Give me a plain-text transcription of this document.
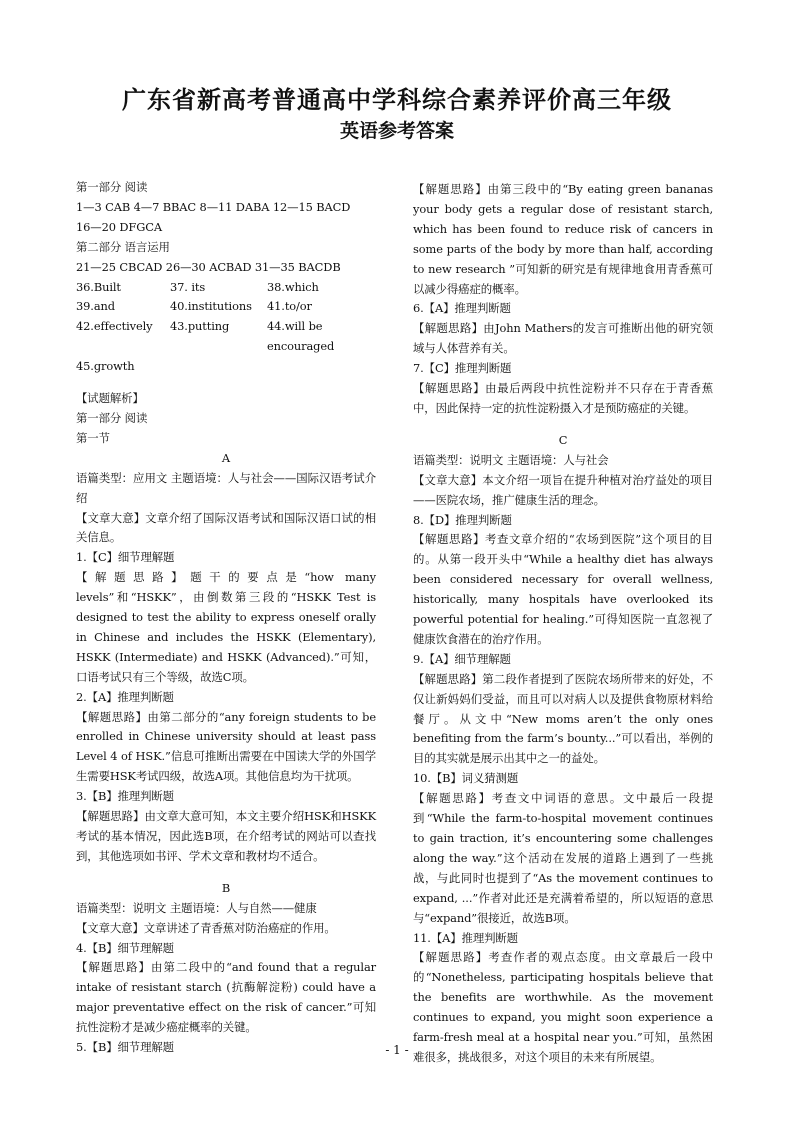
广东省新高考普通高中学科综合素养评价高三年级
英语参考答案
第一部分 阅读
1—3 CAB 4—7 BBAC 8—11 DABA 12—15 BACD
16—20 DFGCA
第二部分 语言运用
21—25 CBCAD 26—30 ACBAD 31—35 BACDB
36.Built	37. its	38.which
39.and	40.institutions	41.to/or
42.effectively	43.putting	44.will be encouraged
45.growth
【试题解析】
第一部分 阅读
第一节
A
语篇类型：应用文 主题语境：人与社会——国际汉语考试介绍
【文章大意】文章介绍了国际汉语考试和国际汉语口试的相关信息。
1.【C】细节理解题
【解题思路】题干的要点是“how many levels”和“HSKK”，由倒数第三段的“HSKK Test is designed to test the ability to express oneself orally in Chinese and includes the HSKK (Elementary), HSKK (Intermediate) and HSKK (Advanced).”可知，口语考试只有三个等级，故选C项。
2.【A】推理判断题
【解题思路】由第二部分的“any foreign students to be enrolled in Chinese university should at least pass Level 4 of HSK.”信息可推断出需要在中国读大学的外国学生需要HSK考试四级，故选A项。其他信息均为干扰项。
3.【B】推理判断题
【解题思路】由文章大意可知，本文主要介绍HSK和HSKK考试的基本情况，因此选B项，在介绍考试的网站可以查找到，其他选项如书评、学术文章和教材均不适合。
B
语篇类型：说明文 主题语境：人与自然——健康
【文章大意】文章讲述了青香蕉对防治癌症的作用。
4.【B】细节理解题
【解题思路】由第二段中的“and found that a regular intake of resistant starch (抗酶解淀粉) could have a major preventative effect on the risk of cancer.”可知抗性淀粉才是减少癌症概率的关键。
5.【B】细节理解题
【解题思路】由第三段中的“By eating green bananas your body gets a regular dose of resistant starch, which has been found to reduce risk of cancers in some parts of the body by more than half, according to new research ”可知新的研究是有规律地食用青香蕉可以减少得癌症的概率。
6.【A】推理判断题
【解题思路】由John Mathers的发言可推断出他的研究领域与人体营养有关。
7.【C】推理判断题
【解题思路】由最后两段中抗性淀粉并不只存在于青香蕉中，因此保持一定的抗性淀粉摄入才是预防癌症的关键。
C
语篇类型：说明文 主题语境：人与社会
【文章大意】本文介绍一项旨在提升种植对治疗益处的项目——医院农场，推广健康生活的理念。
8.【D】推理判断题
【解题思路】考查文章介绍的“农场到医院”这个项目的目的。从第一段开头中“While a healthy diet has always been considered necessary for overall wellness, historically, many hospitals have overlooked its powerful potential for healing.”可得知医院一直忽视了健康饮食潜在的治疗作用。
9.【A】细节理解题
【解题思路】第二段作者提到了医院农场所带来的好处，不仅让新妈妈们受益，而且可以对病人以及提供食物原材料给餐厅。从文中“New moms aren’t the only ones benefiting from the farm’s bounty...”可以看出，举例的目的其实就是展示出其中之一的益处。
10.【B】词义猜测题
【解题思路】考查文中词语的意思。文中最后一段提到“While the farm-to-hospital movement continues to gain traction, it’s encountering some challenges along the way.”这个活动在发展的道路上遇到了一些挑战，与此同时也提到了“As the movement continues to expand, ...”作者对此还是充满着希望的，所以短语的意思与“expand”很接近，故选B项。
11.【A】推理判断题
【解题思路】考查作者的观点态度。由文章最后一段中的“Nonetheless, participating hospitals believe that the benefits are worthwhile. As the movement continues to expand, you might soon experience a farm-fresh meal at a hospital near you.”可知，虽然困难很多，挑战很多，对这个项目的未来有所展望。
- 1 -
